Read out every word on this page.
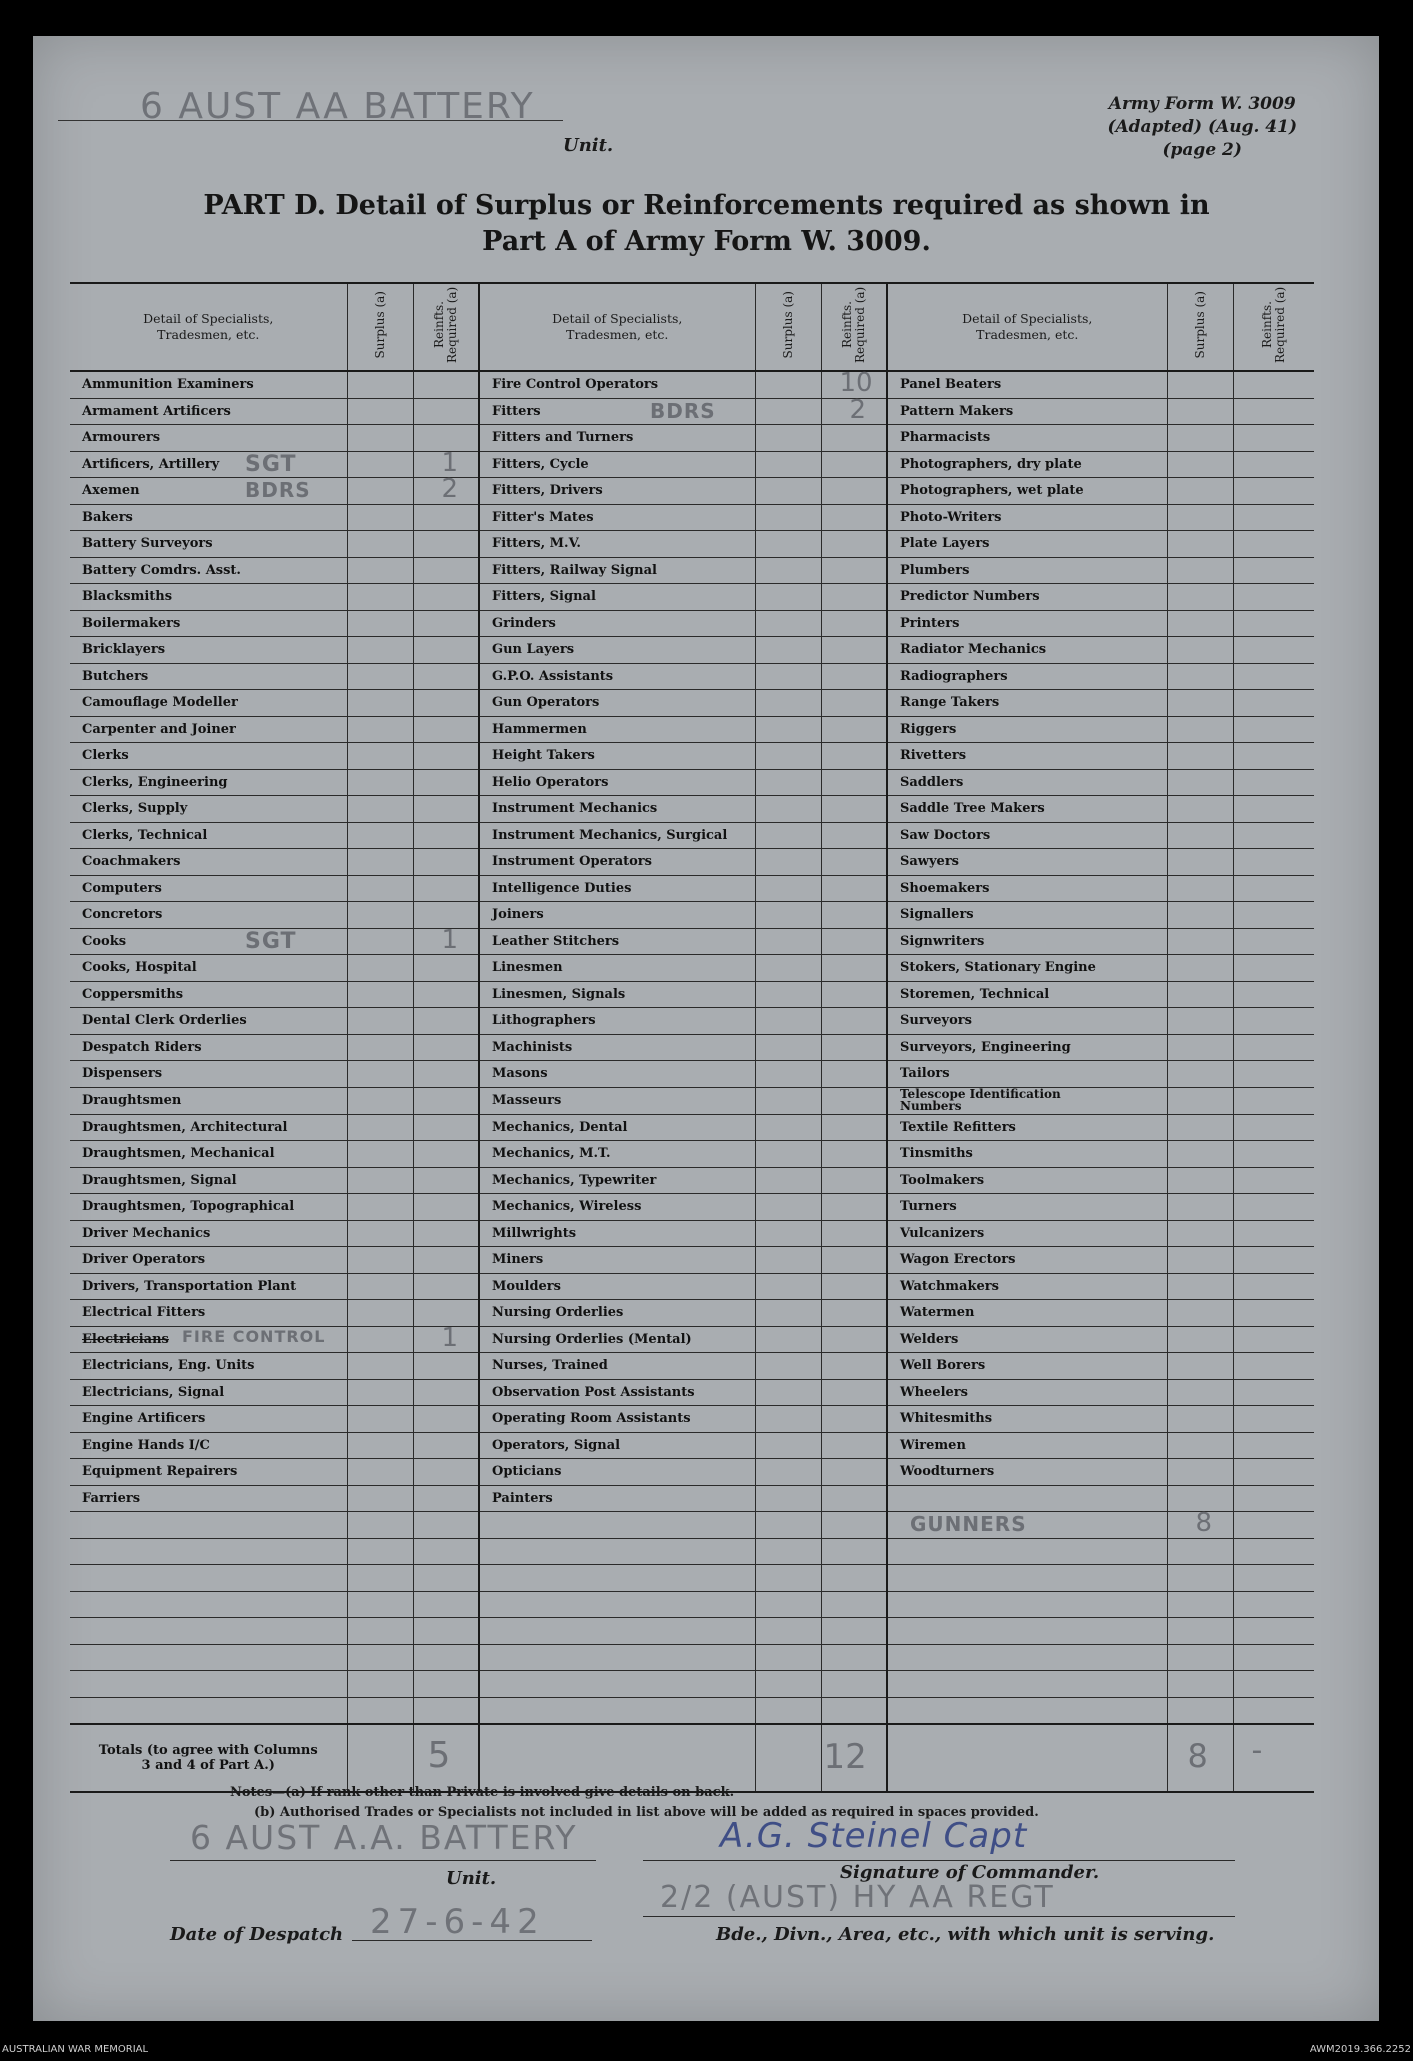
6 AUST AA BATTERY
Unit.
Army Form W. 3009
(Adapted) (Aug. 41)
(page 2)
PART D. Detail of Surplus or Reinforcements required as shown in
Part A of Army Form W. 3009.
Detail of Specialists,
Tradesmen, etc.	Surplus (a)	Reinfts. Required (a)	Detail of Specialists,
Tradesmen, etc.	Surplus (a)	Reinfts. Required (a)	Detail of Specialists,
Tradesmen, etc.	Surplus (a)	Reinfts. Required (a)
Ammunition Examiners			Fire Control Operators		10	Panel Beaters		
Armament Artificers			Fitters BDRS		2	Pattern Makers		
Armourers			Fitters and Turners			Pharmacists		
Artificers, Artillery SGT		1	Fitters, Cycle			Photographers, dry plate		
Axemen BDRS		2	Fitters, Drivers			Photographers, wet plate		
Bakers			Fitter's Mates			Photo-Writers		
Battery Surveyors			Fitters, M.V.			Plate Layers		
Battery Comdrs. Asst.			Fitters, Railway Signal			Plumbers		
Blacksmiths			Fitters, Signal			Predictor Numbers		
Boilermakers			Grinders			Printers		
Bricklayers			Gun Layers			Radiator Mechanics		
Butchers			G.P.O. Assistants			Radiographers		
Camouflage Modeller			Gun Operators			Range Takers		
Carpenter and Joiner			Hammermen			Riggers		
Clerks			Height Takers			Rivetters		
Clerks, Engineering			Helio Operators			Saddlers		
Clerks, Supply			Instrument Mechanics			Saddle Tree Makers		
Clerks, Technical			Instrument Mechanics, Surgical			Saw Doctors		
Coachmakers			Instrument Operators			Sawyers		
Computers			Intelligence Duties			Shoemakers		
Concretors			Joiners			Signallers		
Cooks SGT		1	Leather Stitchers			Signwriters		
Cooks, Hospital			Linesmen			Stokers, Stationary Engine		
Coppersmiths			Linesmen, Signals			Storemen, Technical		
Dental Clerk Orderlies			Lithographers			Surveyors		
Despatch Riders			Machinists			Surveyors, Engineering		
Dispensers			Masons			Tailors		
Draughtsmen			Masseurs			Telescope Identification Numbers		
Draughtsmen, Architectural			Mechanics, Dental			Textile Refitters		
Draughtsmen, Mechanical			Mechanics, M.T.			Tinsmiths		
Draughtsmen, Signal			Mechanics, Typewriter			Toolmakers		
Draughtsmen, Topographical			Mechanics, Wireless			Turners		
Driver Mechanics			Millwrights			Vulcanizers		
Driver Operators			Miners			Wagon Erectors		
Drivers, Transportation Plant			Moulders			Watchmakers		
Electrical Fitters			Nursing Orderlies			Watermen		
Electricians FIRE CONTROL		1	Nursing Orderlies (Mental)			Welders		
Electricians, Eng. Units			Nurses, Trained			Well Borers		
Electricians, Signal			Observation Post Assistants			Wheelers		
Engine Artificers			Operating Room Assistants			Whitesmiths		
Engine Hands I/C			Operators, Signal			Wiremen		
Equipment Repairers			Opticians			Woodturners		
Farriers			Painters					

						GUNNERS	8	

Totals (to agree with Columns
3 and 4 of Part A.)		5			12		8	-
Notes—(a) If rank other than Private is involved give details on back.
(b) Authorised Trades or Specialists not included in list above will be added as required in spaces provided.
6 AUST A.A. BATTERY
Unit.
A.G. Steinel Capt
Signature of Commander.
Date of Despatch 27-6-42
2/2 (AUST) HY AA REGT
Bde., Divn., Area, etc., with which unit is serving.
AUSTRALIAN WAR MEMORIAL	AWM2019.366.2252
